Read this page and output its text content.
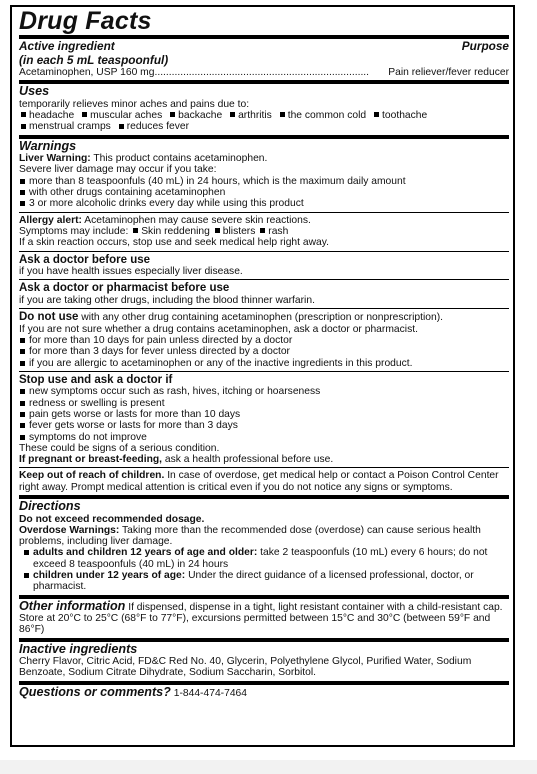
Drug Facts
Active ingredient	Purpose
(in each 5 mL teaspoonful)
Acetaminophen, USP 160 mg ...........................................................................	Pain reliever/fever reducer
Uses
temporarily relieves minor aches and pains due to:
headache muscular aches backache arthritis the common cold toothache
menstrual cramps reduces fever
Warnings
Liver Warning: This product contains acetaminophen.
Severe liver damage may occur if you take:
more than 8 teaspoonfuls (40 mL) in 24 hours, which is the maximum daily amount
with other drugs containing acetaminophen
3 or more alcoholic drinks every day while using this product
Allergy alert: Acetaminophen may cause severe skin reactions.
Symptoms may include: Skin reddening blisters rash
If a skin reaction occurs, stop use and seek medical help right away.
Ask a doctor before use
if you have health issues especially liver disease.
Ask a doctor or pharmacist before use
if you are taking other drugs, including the blood thinner warfarin.
Do not use with any other drug containing acetaminophen (prescription or nonprescription).
If you are not sure whether a drug contains acetaminophen, ask a doctor or pharmacist.
for more than 10 days for pain unless directed by a doctor
for more than 3 days for fever unless directed by a doctor
if you are allergic to acetaminophen or any of the inactive ingredients in this product.
Stop use and ask a doctor if
new symptoms occur such as rash, hives, itching or hoarseness
redness or swelling is present
pain gets worse or lasts for more than 10 days
fever gets worse or lasts for more than 3 days
symptoms do not improve
These could be signs of a serious condition.
If pregnant or breast-feeding, ask a health professional before use.
Keep out of reach of children. In case of overdose, get medical help or contact a Poison Control Center right away. Prompt medical attention is critical even if you do not notice any signs or symptoms.
Directions
Do not exceed recommended dosage.
Overdose Warnings: Taking more than the recommended dose (overdose) can cause serious health problems, including liver damage.
adults and children 12 years of age and older: take 2 teaspoonfuls (10 mL) every 6 hours; do not exceed 8 teaspoonfuls (40 mL) in 24 hours
children under 12 years of age: Under the direct guidance of a licensed professional, doctor, or pharmacist.
Other information If dispensed, dispense in a tight, light resistant container with a child-resistant cap.
Store at 20°C to 25°C (68°F to 77°F), excursions permitted between 15°C and 30°C (between 59°F and 86°F)
Inactive ingredients
Cherry Flavor, Citric Acid, FD&C Red No. 40, Glycerin, Polyethylene Glycol, Purified Water, Sodium Benzoate, Sodium Citrate Dihydrate, Sodium Saccharin, Sorbitol.
Questions or comments? 1-844-474-7464
